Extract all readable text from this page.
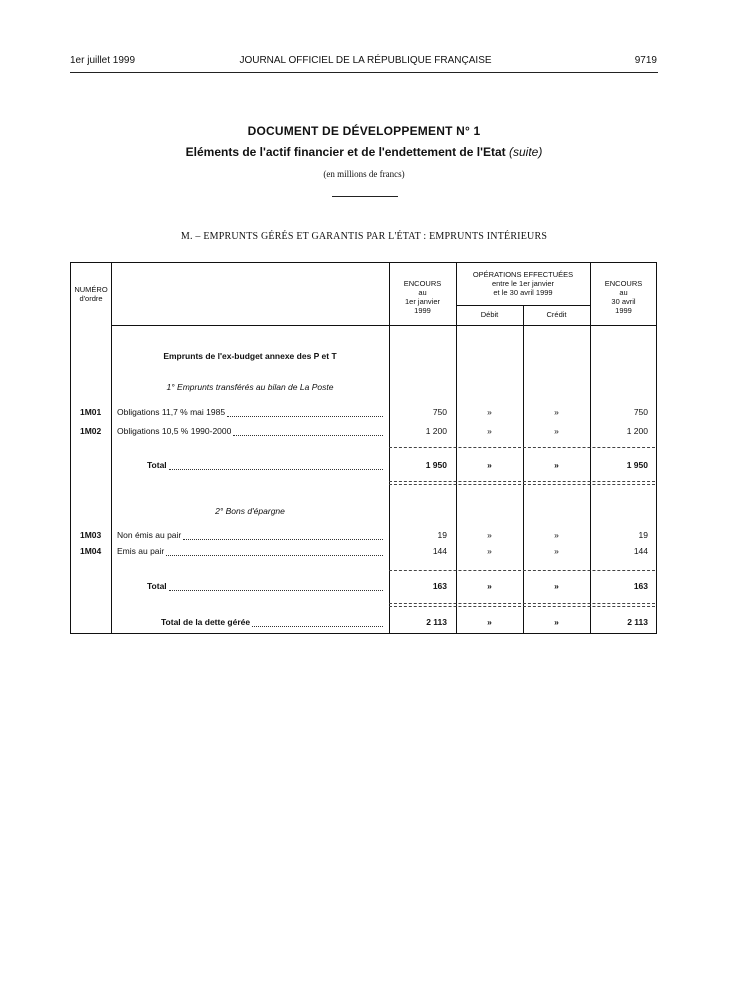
1er juillet 1999	JOURNAL OFFICIEL DE LA RÉPUBLIQUE FRANÇAISE	9719
DOCUMENT DE DÉVELOPPEMENT N° 1
Eléments de l'actif financier et de l'endettement de l'Etat (suite)
(en millions de francs)
M. – EMPRUNTS GÉRÉS ET GARANTIS PAR L'ÉTAT : EMPRUNTS INTÉRIEURS
NUMÉRO
d'ordre
ENCOURS
au
1er janvier
1999
OPÉRATIONS EFFECTUÉES
entre le 1er janvier
et le 30 avril 1999
Débit	Crédit
ENCOURS
au
30 avril
1999
Emprunts de l'ex-budget annexe des P et T
1° Emprunts transférés au bilan de La Poste
1M01 Obligations 11,7 % mai 1985	750	»	»	750
1M02 Obligations 10,5 % 1990-2000	1 200	»	»	1 200
Total	1 950	»	»	1 950
2° Bons d'épargne
1M03 Non émis au pair	19	»	»	19
1M04 Emis au pair	144	»	»	144
Total	163	»	»	163
Total de la dette gérée	2 113	»	»	2 113
